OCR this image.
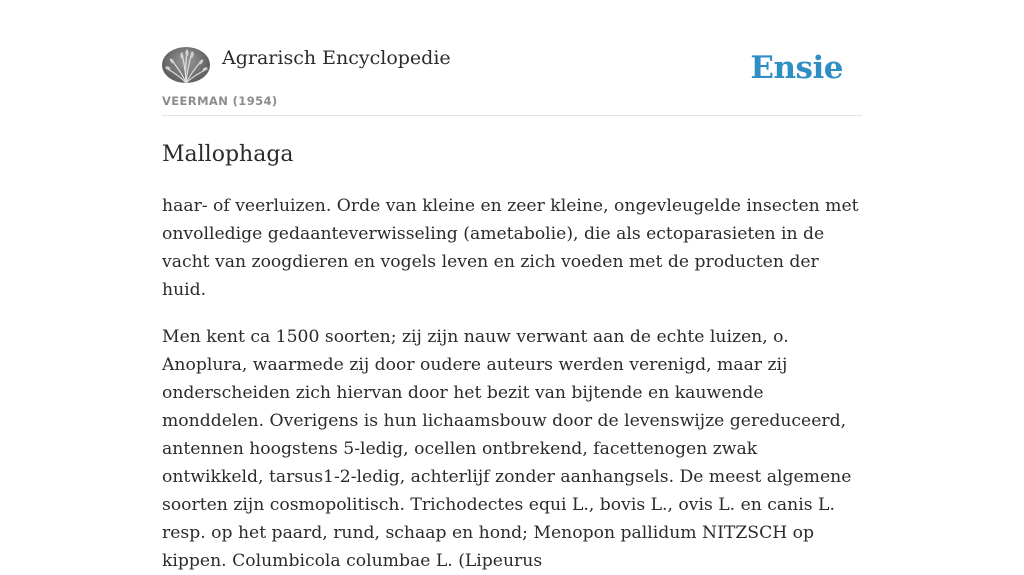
Agrarisch Encyclopedie
VEERMAN (1954)
Ensie
Mallophaga

haar- of veerluizen. Orde van kleine en zeer kleine, ongevleugelde insecten met onvolledige gedaanteverwisseling (ametabolie), die als ectoparasieten in de vacht van zoogdieren en vogels leven en zich voeden met de producten der huid.

Men kent ca 1500 soorten; zij zijn nauw verwant aan de echte luizen, o. Anoplura, waarmede zij door oudere auteurs werden verenigd, maar zij onderscheiden zich hiervan door het bezit van bijtende en kauwende monddelen. Overigens is hun lichaamsbouw door de levenswijze gereduceerd, antennen hoogstens 5-ledig, ocellen ontbrekend, facettenogen zwak ontwikkeld, tarsus1-2-ledig, achterlijf zonder aanhangsels. De meest algemene soorten zijn cosmopolitisch. Trichodectes equi L., bovis L., ovis L. en canis L. resp. op het paard, rund, schaap en hond; Menopon pallidum NITZSCH op kippen. Columbicola columbae L. (Lipeurus
